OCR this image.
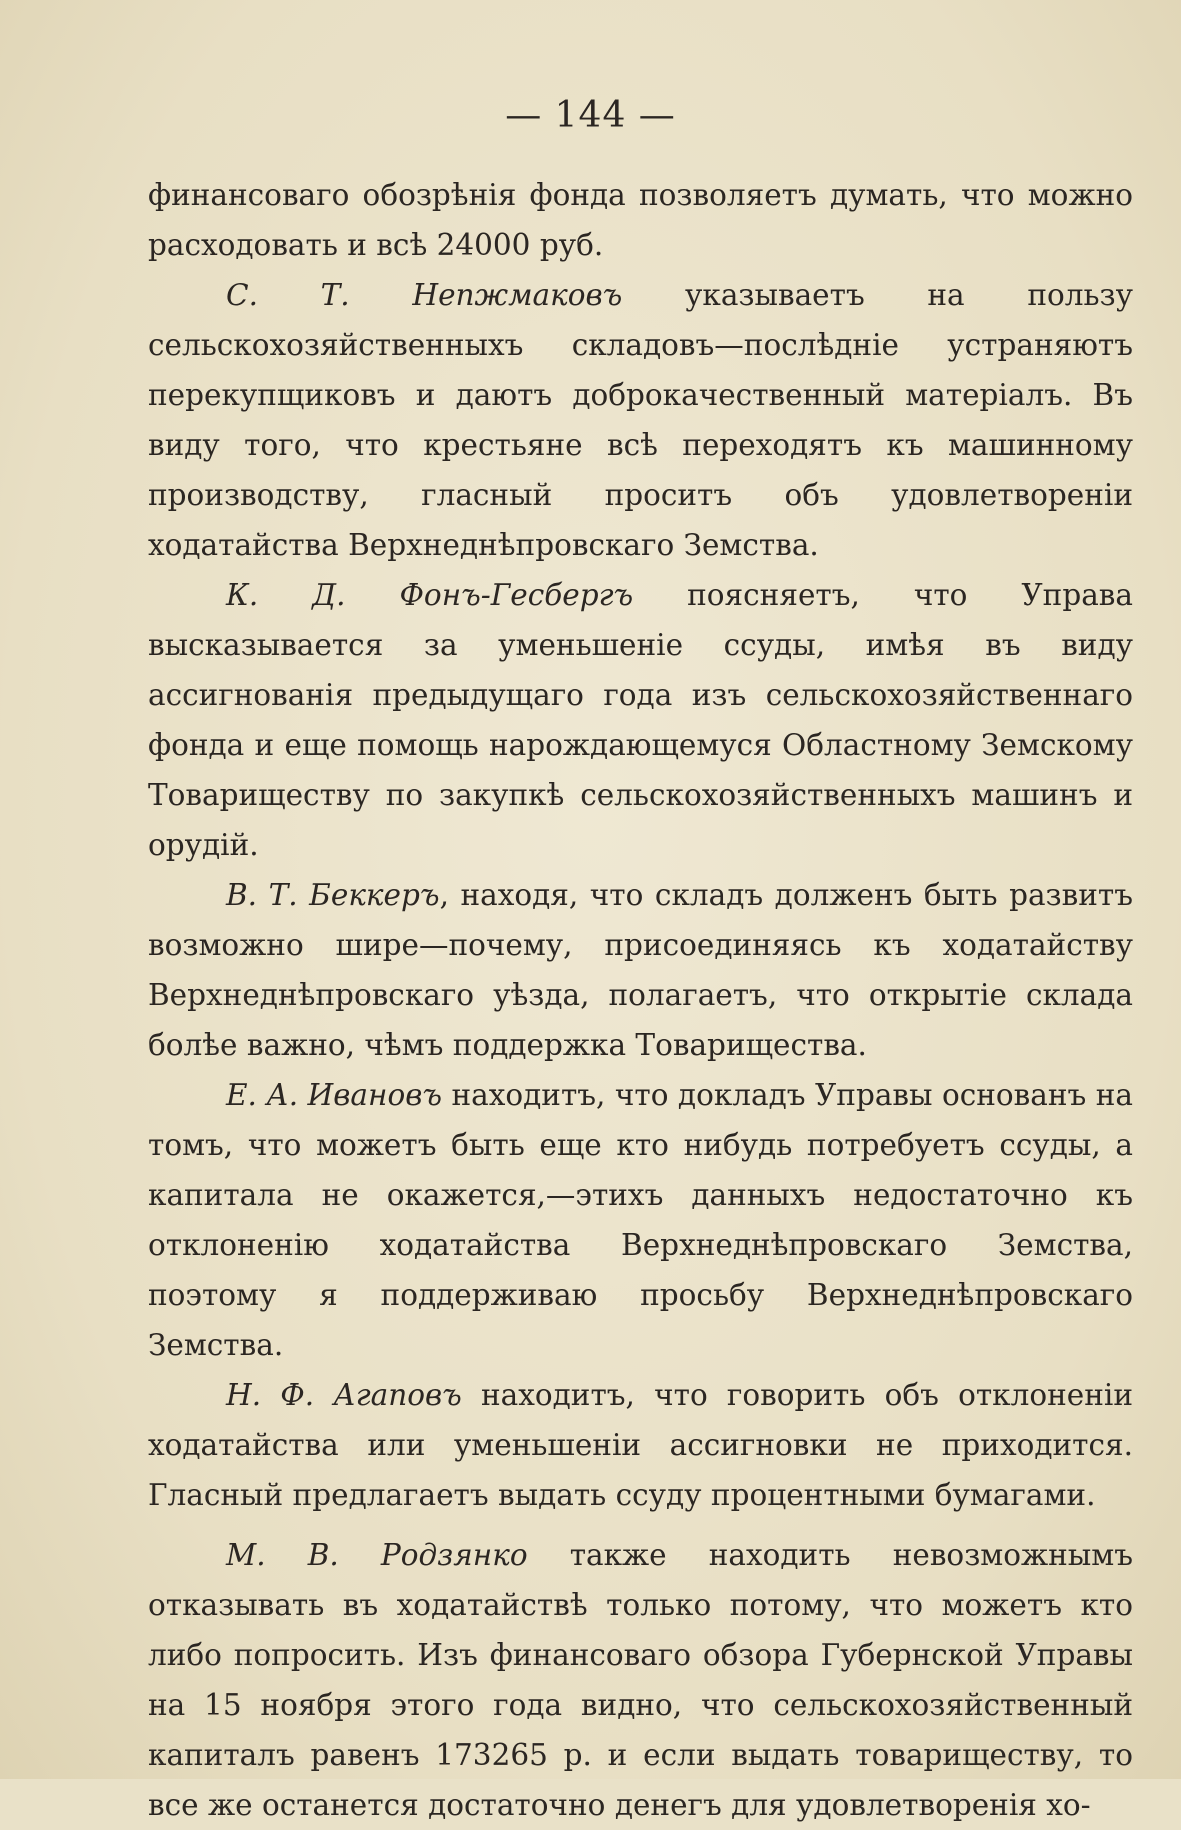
— 144 —

финансоваго обозрѣнія фонда позволяетъ думать, что можно расходовать и всѣ 24000 руб.

С. Т. Непжмаковъ указываетъ на пользу сельскохозяйственныхъ складовъ—послѣдніе устраняютъ перекупщиковъ и даютъ доброкачественный матеріалъ. Въ виду того, что крестьяне всѣ переходятъ къ машинному производству, гласный проситъ объ удовлетвореніи ходатайства Верхнеднѣпровскаго Земства.

К. Д. Фонъ-Гесбергъ поясняетъ, что Управа высказывается за уменьшеніе ссуды, имѣя въ виду ассигнованія предыдущаго года изъ сельскохозяйственнаго фонда и еще помощь нарождающемуся Областному Земскому Товариществу по закупкѣ сельскохозяйственныхъ машинъ и орудій.

В. Т. Беккеръ, находя, что складъ долженъ быть развитъ возможно шире—почему, присоединяясь къ ходатайству Верхнеднѣпровскаго уѣзда, полагаетъ, что открытіе склада болѣе важно, чѣмъ поддержка Товарищества.

Е. А. Ивановъ находитъ, что докладъ Управы основанъ на томъ, что можетъ быть еще кто нибудь потребуетъ ссуды, а капитала не окажется,—этихъ данныхъ недостаточно къ отклоненію ходатайства Верхнеднѣпровскаго Земства, поэтому я поддерживаю просьбу Верхнеднѣпровскаго Земства.

Н. Ф. Агаповъ находитъ, что говорить объ отклоненіи ходатайства или уменьшеніи ассигновки не приходится. Гласный предлагаетъ выдать ссуду процентными бумагами.

М. В. Родзянко также находить невозможнымъ отказывать въ ходатайствѣ только потому, что можетъ кто либо попросить. Изъ финансоваго обзора Губернской Управы на 15 ноября этого года видно, что сельскохозяйственный капиталъ равенъ 173265 р. и если выдать товариществу, то все же останется достаточно денегъ для удовлетворенія хо-
